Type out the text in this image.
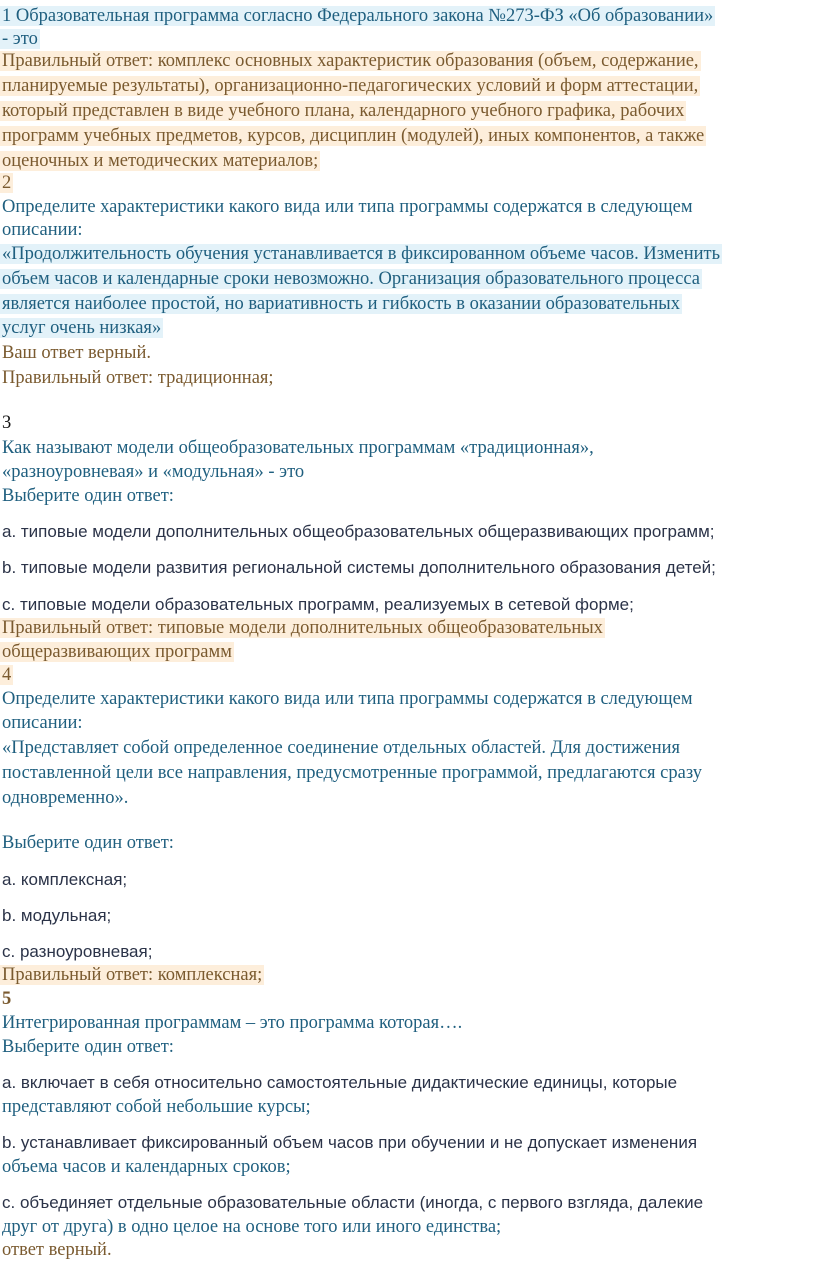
1 Образовательная программа согласно Федерального закона №273-ФЗ «Об образовании»
- это
Правильный ответ: комплекс основных характеристик образования (объем, содержание,
планируемые результаты), организационно-педагогических условий и форм аттестации,
который представлен в виде учебного плана, календарного учебного графика, рабочих
программ учебных предметов, курсов, дисциплин (модулей), иных компонентов, а также
оценочных и методических материалов;
2
Определите характеристики какого вида или типа программы содержатся в следующем
описании:
«Продолжительность обучения устанавливается в фиксированном объеме часов. Изменить
объем часов и календарные сроки невозможно. Организация образовательного процесса
является наиболее простой, но вариативность и гибкость в оказании образовательных
услуг очень низкая»
Ваш ответ верный.
Правильный ответ: традиционная;
3
Как называют модели общеобразовательных программам «традиционная»,
«разноуровневая» и «модульная» - это
Выберите один ответ:
a. типовые модели дополнительных общеобразовательных общеразвивающих программ;
b. типовые модели развития региональной системы дополнительного образования детей;
c. типовые модели образовательных программ, реализуемых в сетевой форме;
Правильный ответ: типовые модели дополнительных общеобразовательных
общеразвивающих программ
4
Определите характеристики какого вида или типа программы содержатся в следующем
описании:
«Представляет собой определенное соединение отдельных областей. Для достижения
поставленной цели все направления, предусмотренные программой, предлагаются сразу
одновременно».
Выберите один ответ:
a. комплексная;
b. модульная;
c. разноуровневая;
Правильный ответ: комплексная;
5
Интегрированная программам – это программа которая….
Выберите один ответ:
a. включает в себя относительно самостоятельные дидактические единицы, которые
представляют собой небольшие курсы;
b. устанавливает фиксированный объем часов при обучении и не допускает изменения
объема часов и календарных сроков;
c. объединяет отдельные образовательные области (иногда, с первого взгляда, далекие
друг от друга) в одно целое на основе того или иного единства;
ответ верный.
